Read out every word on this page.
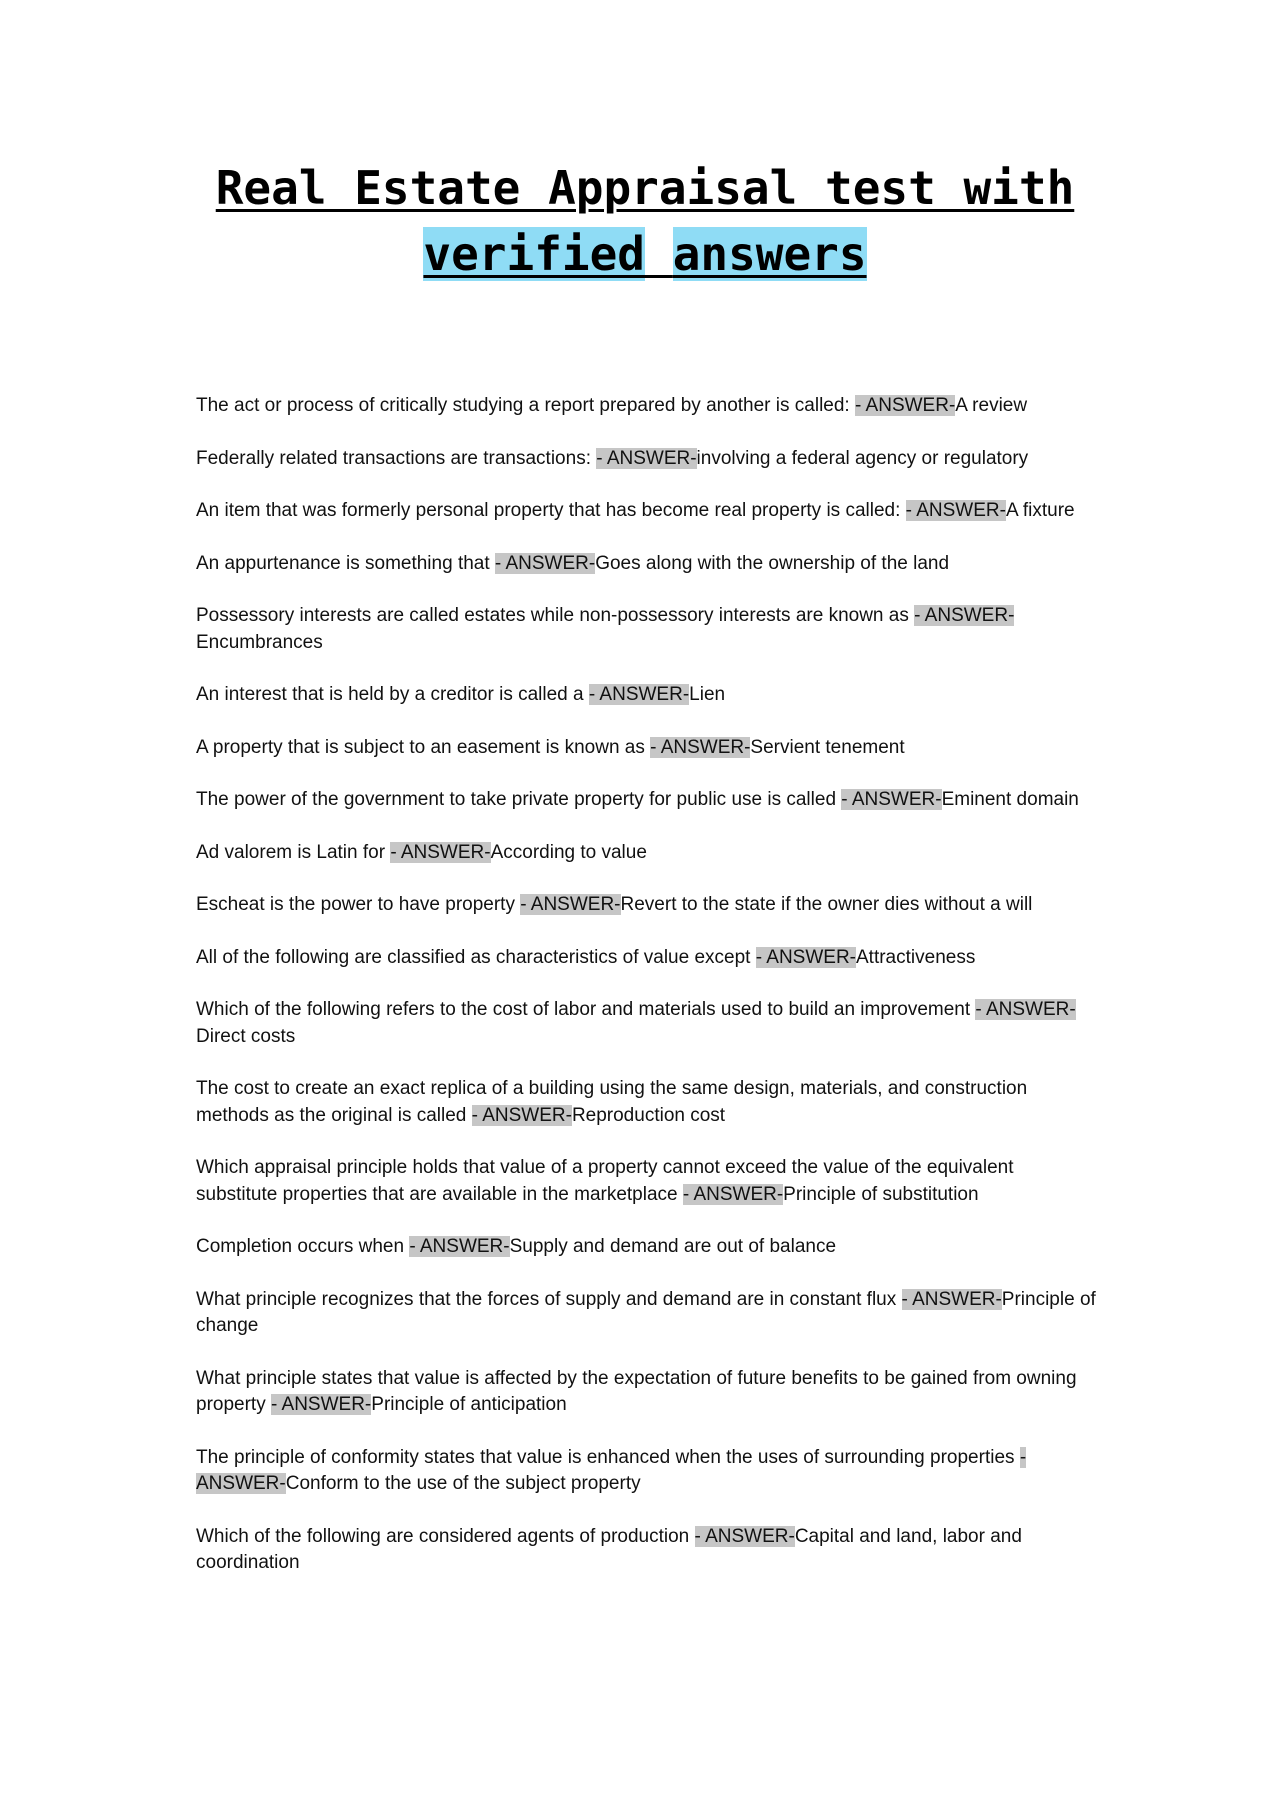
Real Estate Appraisal test with
verified answers
The act or process of critically studying a report prepared by another is called: - ANSWER-A review
Federally related transactions are transactions: - ANSWER-involving a federal agency or regulatory
An item that was formerly personal property that has become real property is called: - ANSWER-A fixture
An appurtenance is something that - ANSWER-Goes along with the ownership of the land
Possessory interests are called estates while non-possessory interests are known as - ANSWER-Encumbrances
An interest that is held by a creditor is called a - ANSWER-Lien
A property that is subject to an easement is known as - ANSWER-Servient tenement
The power of the government to take private property for public use is called - ANSWER-Eminent domain
Ad valorem is Latin for - ANSWER-According to value
Escheat is the power to have property - ANSWER-Revert to the state if the owner dies without a will
All of the following are classified as characteristics of value except - ANSWER-Attractiveness
Which of the following refers to the cost of labor and materials used to build an improvement - ANSWER-Direct costs
The cost to create an exact replica of a building using the same design, materials, and construction methods as the original is called - ANSWER-Reproduction cost
Which appraisal principle holds that value of a property cannot exceed the value of the equivalent substitute properties that are available in the marketplace - ANSWER-Principle of substitution
Completion occurs when - ANSWER-Supply and demand are out of balance
What principle recognizes that the forces of supply and demand are in constant flux - ANSWER-Principle of change
What principle states that value is affected by the expectation of future benefits to be gained from owning property - ANSWER-Principle of anticipation
The principle of conformity states that value is enhanced when the uses of surrounding properties - ANSWER-Conform to the use of the subject property
Which of the following are considered agents of production - ANSWER-Capital and land, labor and coordination
